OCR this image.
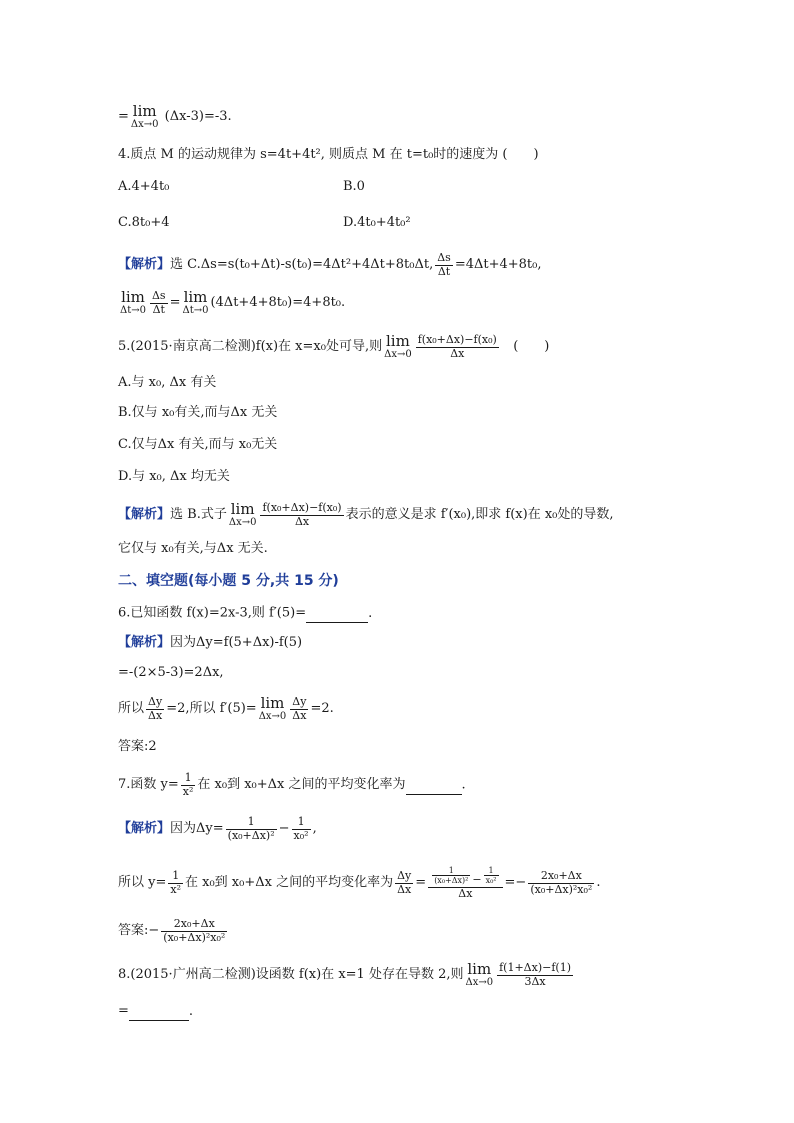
= lim
Δx→0
(Δx-3)=-3.
4.质点 M 的运动规律为 s=4t+4t², 则质点 M 在 t=t₀时的速度为 (　　)
A.4+4t₀	B.0
C.8t₀+4	D.4t₀+4t₀²
【解析】选 C.Δs=s(t₀+Δt)-s(t₀)=4Δt²+4Δt+8t₀Δt, $\frac{\Delta s}{\Delta t} =4\Delta t+4+8t_0$,
lim
$\Delta t\to 0 \frac{\Delta s}{\Delta t} = \lim$
Δt→0
(4Δt+4+8t₀)=4+8t₀.
5.(2015·南京高二检测)f(x)在 x=x₀处可导,则 lim
$\Delta x\to 0 \frac{\text{f(x₀+Δx)−f(x₀)}}{\Delta x}$ (　　)
A.与 x₀, Δx 有关
B.仅与 x₀有关,而与Δx 无关
C.仅与Δx 有关,而与 x₀无关
D.与 x₀, Δx 均无关
【解析】选 B.式子 lim
$\Delta x\to 0 \frac{\text{f(x₀+Δx)−f(x₀)}}{\Delta x}$ 表示的意义是求 f′(x₀),即求 f(x)在 x₀处的导数,
它仅与 x₀有关,与Δx 无关.
二、填空题(每小题 5 分,共 15 分)
6.已知函数 f(x)=2x-3,则 f′(5)=	.
【解析】因为Δy=f(5+Δx)-f(5)
=-(2×5-3)=2Δx,
所以 $\frac{\Delta y}{\Delta x} =2$,所以 f′(5)= lim
$\Delta x\to 0 \frac{\Delta y}{\Delta x} =2$.
答案:2
7.函数 $y= \frac{1}{\text{x²}}$ 在 x₀到 x₀+Δx 之间的平均变化率为	.
【解析】因为$\Delta y= \frac{1}{\text{(x₀+Δx)²}} - \frac{1}{\text{x₀²}}$ ,
所以 $y= \frac{1}{\text{x²}}$ 在 x₀到 x₀+Δx 之间的平均变化率为 $\frac{\Delta y}{\Delta x} = \frac{\frac{1}{\text{(x₀+Δx)²}} - \frac{1}{\text{x₀²}}}{\Delta x} =- \frac{\text{2x₀+Δx}}{\text{(x₀+Δx)²x₀²}}$ .
答案:− $\frac{\text{2x₀+Δx}}{\text{(x₀+Δx)²x₀²}}$
8.(2015·广州高二检测)设函数 f(x)在 x=1 处存在导数 2,则 lim
$\Delta x\to 0 \frac{f(1+\Delta x)-f(1)}{3\Delta x}$
=	.
